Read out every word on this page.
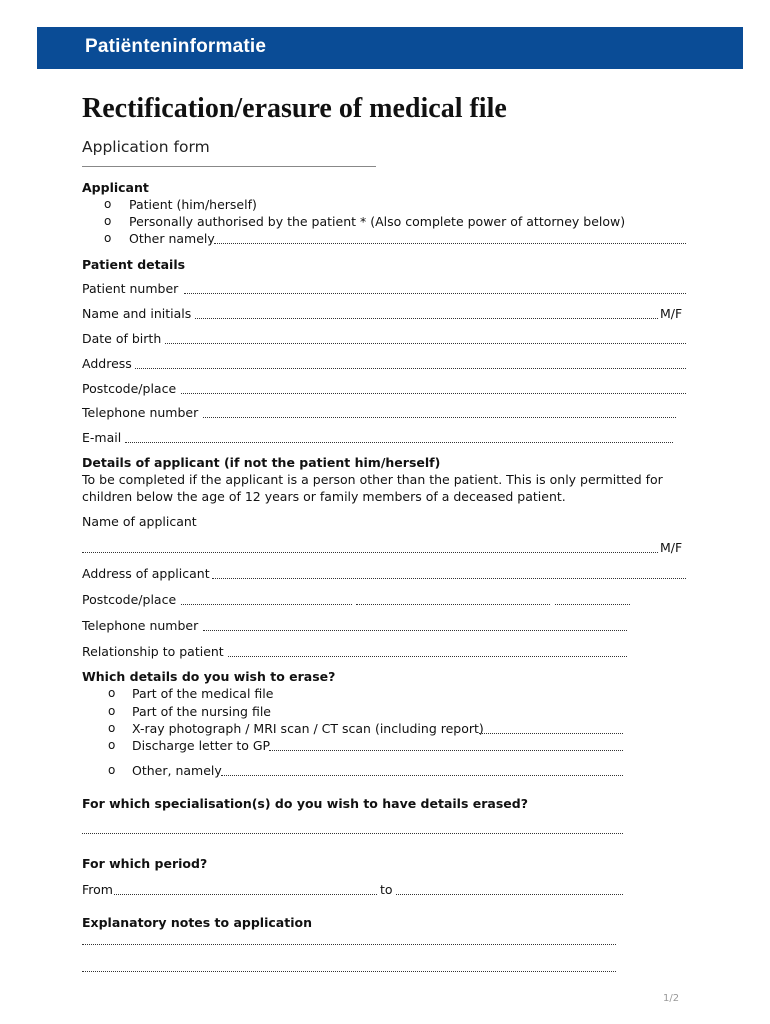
Patiënteninformatie
Rectification/erasure of medical file
Application form
Applicant
o Patient (him/herself)
o Personally authorised by the patient * (Also complete power of attorney below)
o Other namely
Patient details
Patient number
Name and initials	M/F
Date of birth
Address
Postcode/place
Telephone number
E-mail
Details of applicant (if not the patient him/herself)
To be completed if the applicant is a person other than the patient. This is only permitted for
children below the age of 12 years or family members of a deceased patient.
Name of applicant
M/F
Address of applicant
Postcode/place
Telephone number
Relationship to patient
Which details do you wish to erase?
o Part of the medical file
o Part of the nursing file
o X-ray photograph / MRI scan / CT scan (including report)
o Discharge letter to GP
o Other, namely
For which specialisation(s) do you wish to have details erased?
For which period?
From	to
Explanatory notes to application
1/2
